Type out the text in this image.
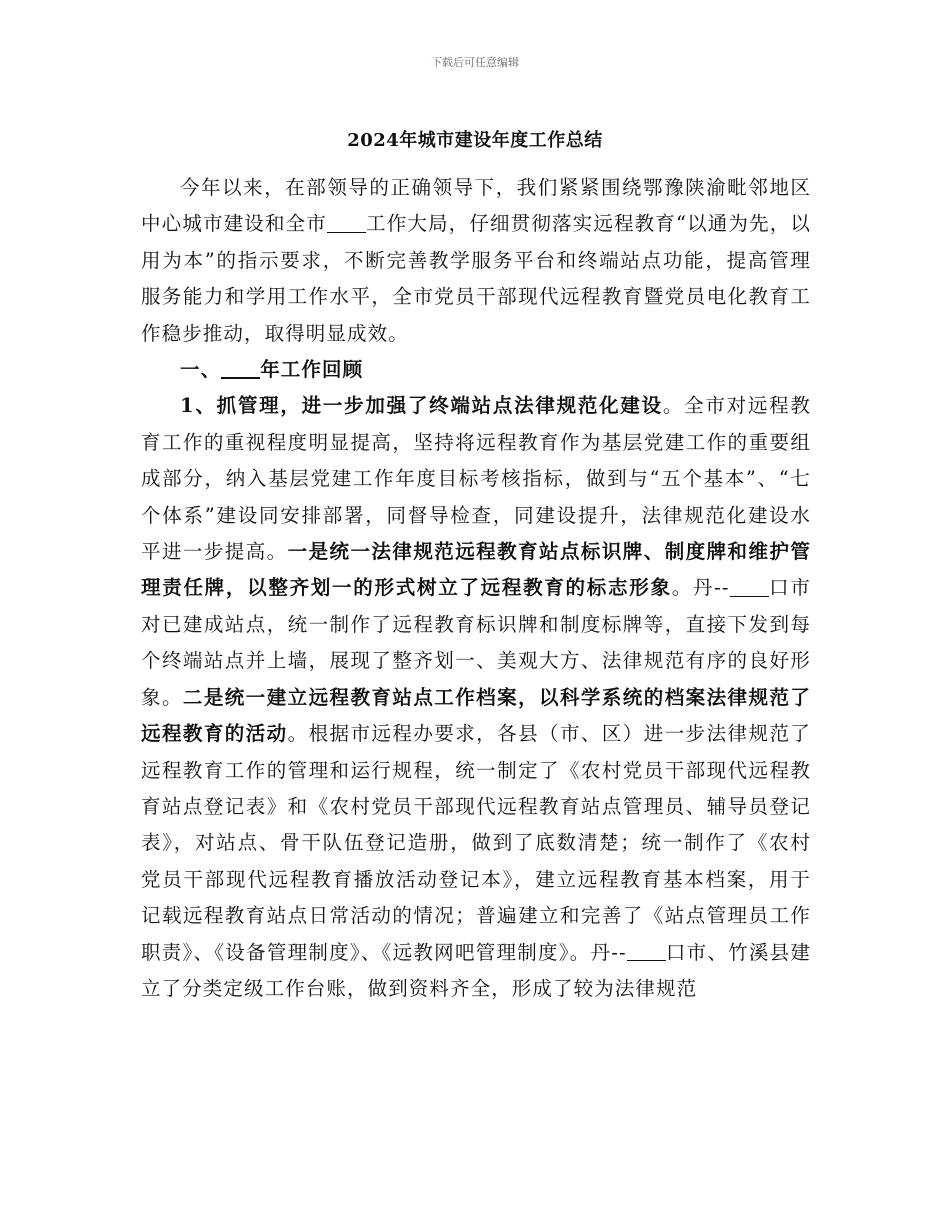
下载后可任意编辑
2024年城市建设年度工作总结

今年以来，在部领导的正确领导下，我们紧紧围绕鄂豫陕渝毗邻地区中心城市建设和全市 工作大局，仔细贯彻落实远程教育“以通为先，以用为本”的指示要求，不断完善教学服务平台和终端站点功能，提高管理服务能力和学用工作水平，全市党员干部现代远程教育暨党员电化教育工作稳步推动，取得明显成效。

一、 年工作回顾

1、抓管理，进一步加强了终端站点法律规范化建设。全市对远程教育工作的重视程度明显提高，坚持将远程教育作为基层党建工作的重要组成部分，纳入基层党建工作年度目标考核指标，做到与“五个基本”、“七个体系”建设同安排部署，同督导检查，同建设提升，法律规范化建设水平进一步提高。一是统一法律规范远程教育站点标识牌、制度牌和维护管理责任牌，以整齐划一的形式树立了远程教育的标志形象。丹-- 口市对已建成站点，统一制作了远程教育标识牌和制度标牌等，直接下发到每个终端站点并上墙，展现了整齐划一、美观大方、法律规范有序的良好形象。二是统一建立远程教育站点工作档案，以科学系统的档案法律规范了远程教育的活动。根据市远程办要求，各县（市、区）进一步法律规范了远程教育工作的管理和运行规程，统一制定了《农村党员干部现代远程教育站点登记表》和《农村党员干部现代远程教育站点管理员、辅导员登记表》，对站点、骨干队伍登记造册，做到了底数清楚；统一制作了《农村党员干部现代远程教育播放活动登记本》，建立远程教育基本档案，用于记载远程教育站点日常活动的情况；普遍建立和完善了《站点管理员工作职责》、《设备管理制度》、《远教网吧管理制度》。丹-- 口市、竹溪县建立了分类定级工作台账，做到资料齐全，形成了较为法律规范
